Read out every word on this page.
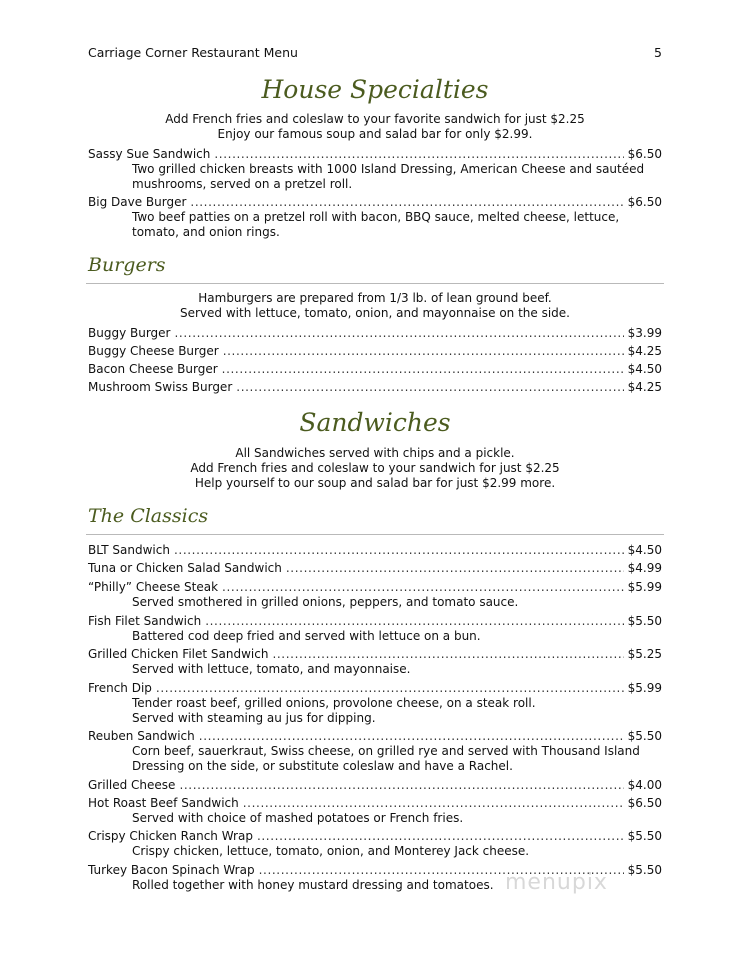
Carriage Corner Restaurant Menu	5
House Specialties
Add French fries and coleslaw to your favorite sandwich for just $2.25
Enjoy our famous soup and salad bar for only $2.99.
Sassy Sue Sandwich . . .	$6.50
Two grilled chicken breasts with 1000 Island Dressing, American Cheese and sautéed
mushrooms, served on a pretzel roll.
Big Dave Burger . . .	$6.50
Two beef patties on a pretzel roll with bacon, BBQ sauce, melted cheese, lettuce,
tomato, and onion rings.
Burgers
Hamburgers are prepared from 1/3 lb. of lean ground beef.
Served with lettuce, tomato, onion, and mayonnaise on the side.
Buggy Burger . . .	$3.99
Buggy Cheese Burger . . .	$4.25
Bacon Cheese Burger . . .	$4.50
Mushroom Swiss Burger . . .	$4.25
Sandwiches
All Sandwiches served with chips and a pickle.
Add French fries and coleslaw to your sandwich for just $2.25
Help yourself to our soup and salad bar for just $2.99 more.
The Classics
BLT Sandwich . . .	$4.50
Tuna or Chicken Salad Sandwich . . .	$4.99
“Philly” Cheese Steak . . .	$5.99
Served smothered in grilled onions, peppers, and tomato sauce.
Fish Filet Sandwich . . .	$5.50
Battered cod deep fried and served with lettuce on a bun.
Grilled Chicken Filet Sandwich . . .	$5.25
Served with lettuce, tomato, and mayonnaise.
French Dip . . .	$5.99
Tender roast beef, grilled onions, provolone cheese, on a steak roll.
Served with steaming au jus for dipping.
Reuben Sandwich . . .	$5.50
Corn beef, sauerkraut, Swiss cheese, on grilled rye and served with Thousand Island
Dressing on the side, or substitute coleslaw and have a Rachel.
Grilled Cheese . . .	$4.00
Hot Roast Beef Sandwich . . .	$6.50
Served with choice of mashed potatoes or French fries.
Crispy Chicken Ranch Wrap . . .	$5.50
Crispy chicken, lettuce, tomato, onion, and Monterey Jack cheese.
Turkey Bacon Spinach Wrap . . .	$5.50
Rolled together with honey mustard dressing and tomatoes. menupix
